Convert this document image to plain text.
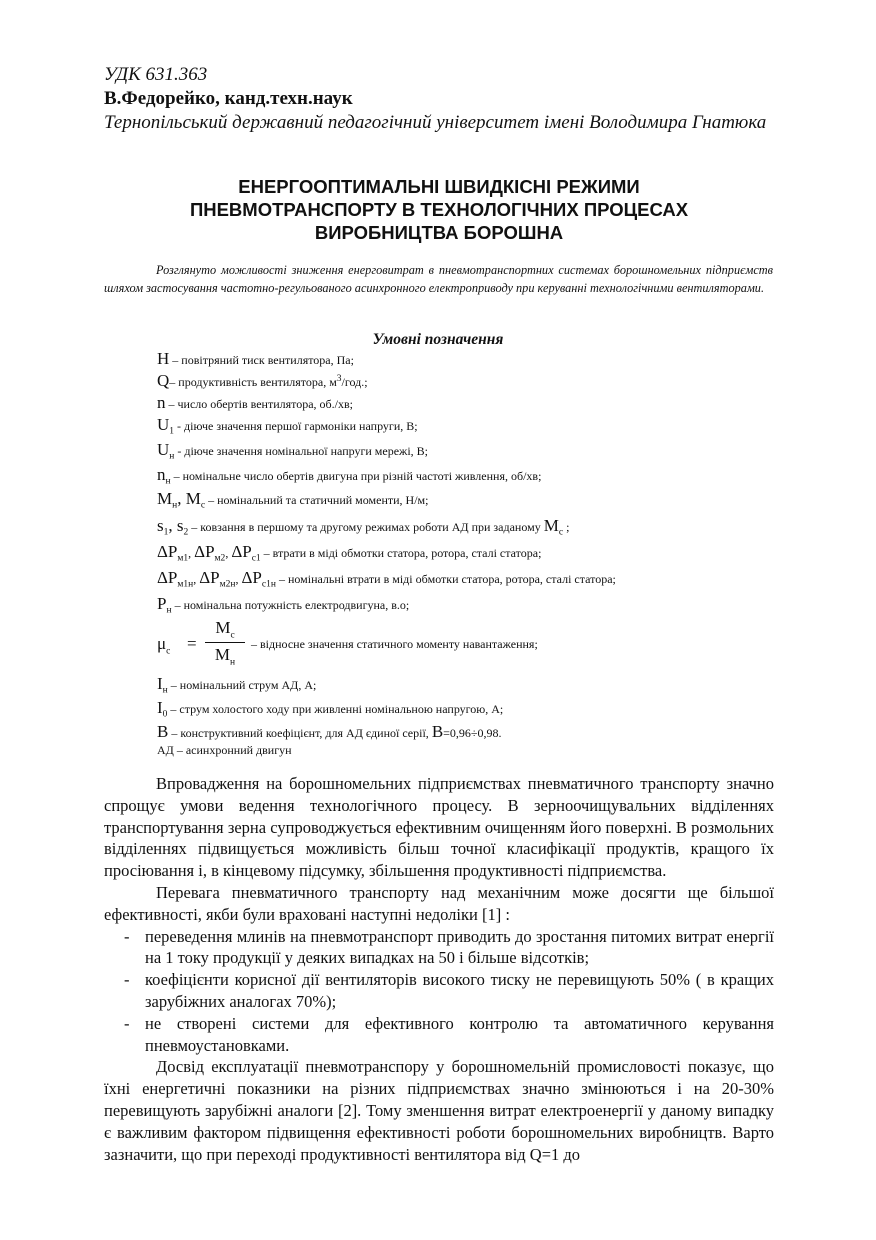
УДК 631.363
В.Федорейко, канд.техн.наук
Тернопільський державний педагогічний університет імені Володимира Гнатюка
ЕНЕРГООПТИМАЛЬНІ ШВИДКІСНІ РЕЖИМИ
ПНЕВМОТРАНСПОРТУ В ТЕХНОЛОГІЧНИХ ПРОЦЕСАХ
ВИРОБНИЦТВА БОРОШНА
Розглянуто можливості зниження енерговитрат в пневмотранспортних системах борошномельних підприємств шляхом застосування частотно-регульованого асинхронного електроприводу при керуванні технологічними вентиляторами.
Умовні позначення
Н – повітряний тиск вентилятора, Па;
Q– продуктивність вентилятора, $м^3$/год.;
n – число обертів вентилятора, об./хв;
$U_1$ - діюче значення першої гармоніки напруги, В;
$U_н$ - діюче значення номінальної напруги мережі, В;
$n_н$ – номінальне число обертів двигуна при різній частоті живлення, об/хв;
$М_н$, $М_с$ – номінальний та статичний моменти, Н/м;
$s_1$, $s_2$ – ковзання в першому та другому режимах роботи АД при заданому $М_с$ ;
$\Delta Р_{м1}$, $\Delta Р_{м2}$, $\Delta Р_{с1}$ – втрати в міді обмотки статора, ротора, сталі статора;
$\Delta Р_{м1н}$, $\Delta Р_{м2н}$, $\Delta Р_{с1н}$ – номінальні втрати в міді обмотки статора, ротора, сталі статора;
$Р_н$ – номінальна потужність електродвигуна, в.о;
$\mu_с$ =
$М_с$
$М_н$
– відносне значення статичного моменту навантаження;
$I_н$ – номінальний струм АД, А;
$I_0$ – струм холостого ходу при живленні номінальною напругою, А;
В – конструктивний коефіцієнт, для АД єдиної серії, В=0,96÷0,98.
АД – асинхронний двигун

Впровадження на борошномельних підприємствах пневматичного транспорту значно спрощує умови ведення технологічного процесу. В зерноочищувальних відділеннях транспортування зерна супроводжується ефективним очищенням його поверхні. В розмольних відділеннях підвищується можливість більш точної класифікації продуктів, кращого їх просіювання і, в кінцевому підсумку, збільшення продуктивності підприємства.

Перевага пневматичного транспорту над механічним може досягти ще більшої ефективності, якби були враховані наступні недоліки [1] :

- переведення млинів на пневмотранспорт приводить до зростання питомих витрат енергії на 1 току продукції у деяких випадках на 50 і більше відсотків;
- коефіцієнти корисної дії вентиляторів високого тиску не перевищують 50% ( в кращих зарубіжних аналогах 70%);
- не створені системи для ефективного контролю та автоматичного керування пневмоустановками.

Досвід експлуатації пневмотранспору у борошномельній промисловості показує, що їхні енергетичні показники на різних підприємствах значно змінюються і на 20-30% перевищують зарубіжні аналоги [2]. Тому зменшення витрат електроенергії у даному випадку є важливим фактором підвищення ефективності роботи борошномельних виробництв. Варто зазначити, що при переході продуктивності вентилятора від Q=1 до
